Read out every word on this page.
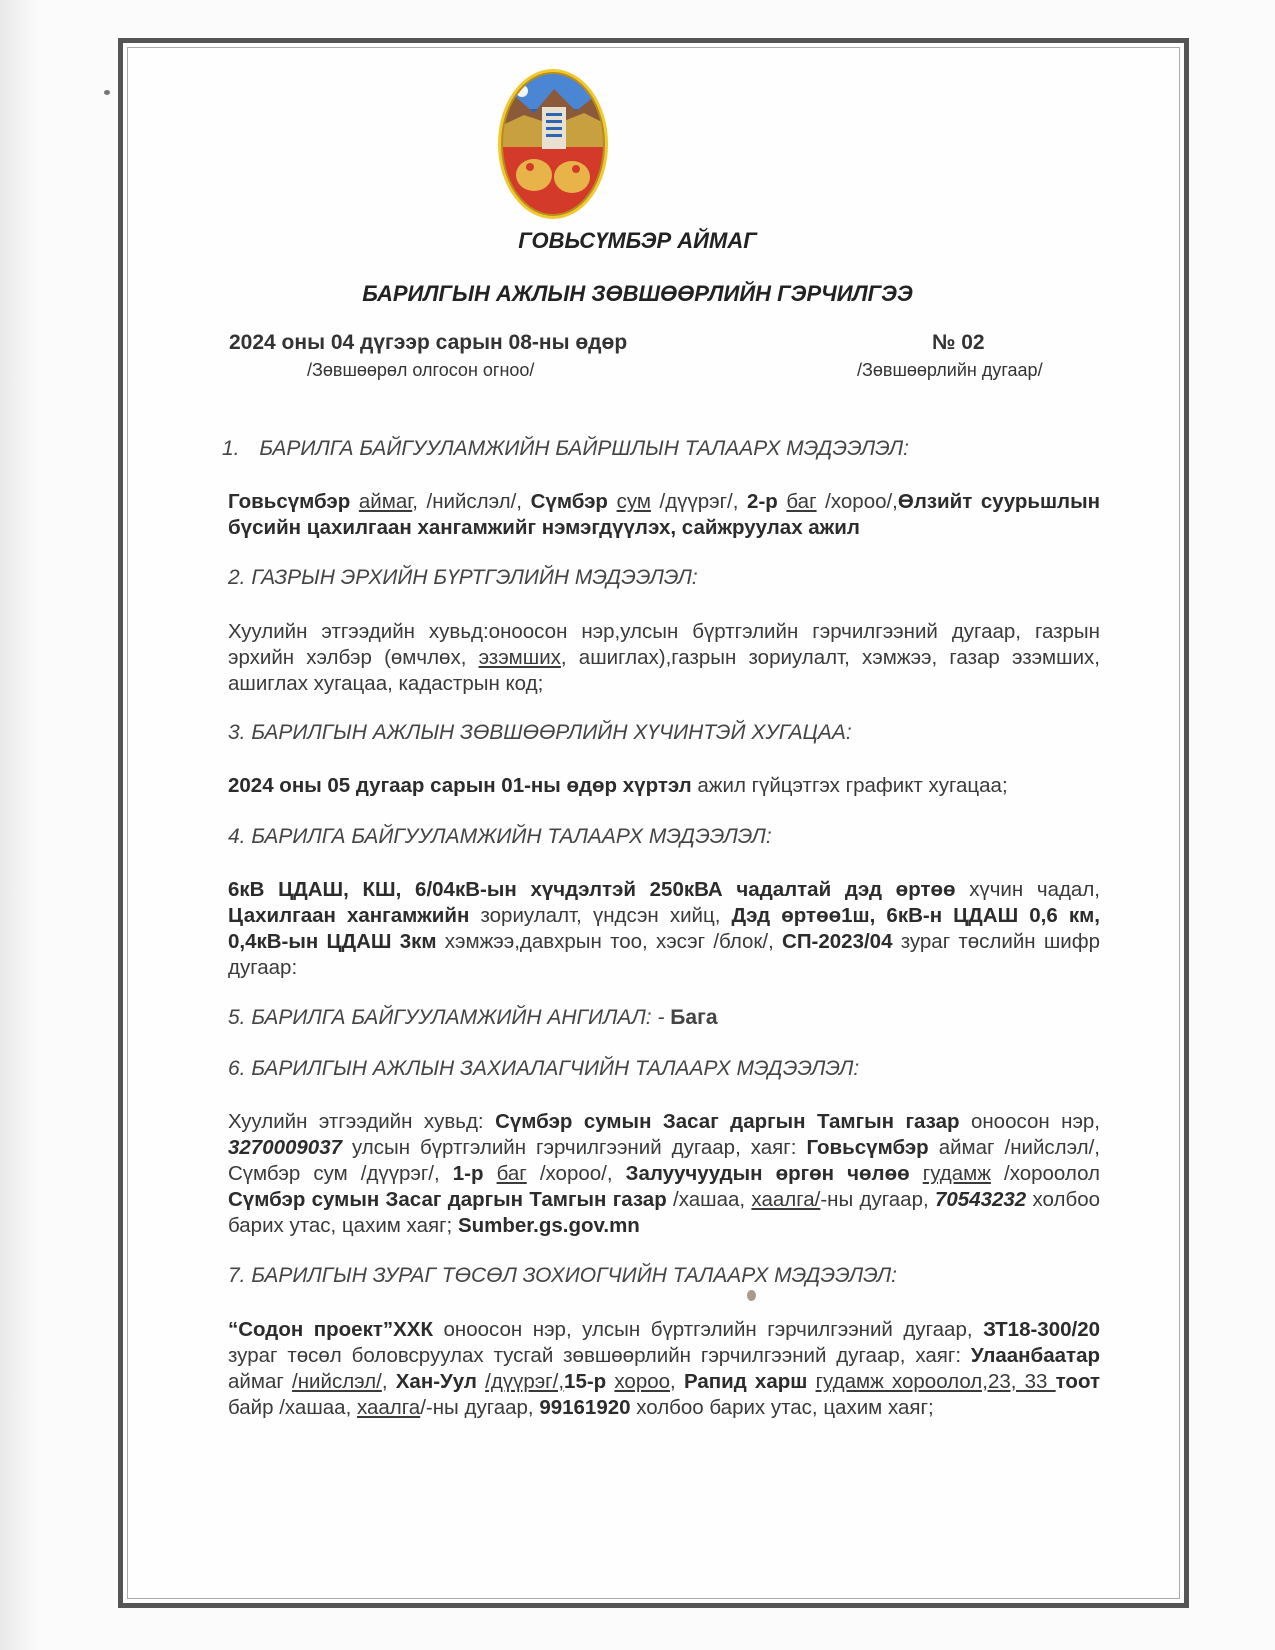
ГОВЬСҮМБЭР АЙМАГ
БАРИЛГЫН АЖЛЫН ЗӨВШӨӨРЛИЙН ГЭРЧИЛГЭЭ
2024 оны 04 дүгээр сарын 08-ны өдөр
/Зөвшөөрөл олгосон огноо/
№ 02
/Зөвшөөрлийн дугаар/
1. БАРИЛГА БАЙГУУЛАМЖИЙН БАЙРШЛЫН ТАЛААРХ МЭДЭЭЛЭЛ:
Говьсүмбэр аймаг, /нийслэл/, Сүмбэр сум /дүүрэг/, 2-р баг /хороо/,Өлзийт суурьшлын бүсийн цахилгаан хангамжийг нэмэгдүүлэх, сайжруулах ажил
2. ГАЗРЫН ЭРХИЙН БҮРТГЭЛИЙН МЭДЭЭЛЭЛ:
Хуулийн этгээдийн хувьд:оноосон нэр,улсын бүртгэлийн гэрчилгээний дугаар, газрын эрхийн хэлбэр (өмчлөх, эзэмших, ашиглах),газрын зориулалт, хэмжээ, газар эзэмших, ашиглах хугацаа, кадастрын код;
3. БАРИЛГЫН АЖЛЫН ЗӨВШӨӨРЛИЙН ХҮЧИНТЭЙ ХУГАЦАА:
2024 оны 05 дугаар сарын 01-ны өдөр хүртэл ажил гүйцэтгэх графикт хугацаа;
4. БАРИЛГА БАЙГУУЛАМЖИЙН ТАЛААРХ МЭДЭЭЛЭЛ:
6кВ ЦДАШ, КШ, 6/04кВ-ын хүчдэлтэй 250кВА чадалтай дэд өртөө хүчин чадал, Цахилгаан хангамжийн зориулалт, үндсэн хийц, Дэд өртөө1ш, 6кВ-н ЦДАШ 0,6 км, 0,4кВ-ын ЦДАШ 3км хэмжээ,давхрын тоо, хэсэг /блок/, СП-2023/04 зураг төслийн шифр дугаар:
5. БАРИЛГА БАЙГУУЛАМЖИЙН АНГИЛАЛ: - Бага
6. БАРИЛГЫН АЖЛЫН ЗАХИАЛАГЧИЙН ТАЛААРХ МЭДЭЭЛЭЛ:
Хуулийн этгээдийн хувьд: Сүмбэр сумын Засаг даргын Тамгын газар оноосон нэр, 3270009037 улсын бүртгэлийн гэрчилгээний дугаар, хаяг: Говьсүмбэр аймаг /нийслэл/, Сүмбэр сум /дүүрэг/, 1-р баг /хороо/, Залуучуудын өргөн чөлөө гудамж /хороолол Сүмбэр сумын Засаг даргын Тамгын газар /хашаа, хаалга/-ны дугаар, 70543232 холбоо барих утас, цахим хаяг; Sumber.gs.gov.mn
7. БАРИЛГЫН ЗУРАГ ТӨСӨЛ ЗОХИОГЧИЙН ТАЛААРХ МЭДЭЭЛЭЛ:
“Содон проект”ХХК оноосон нэр, улсын бүртгэлийн гэрчилгээний дугаар, ЗТ18-300/20 зураг төсөл боловсруулах тусгай зөвшөөрлийн гэрчилгээний дугаар, хаяг: Улаанбаатар аймаг /нийслэл/, Хан-Уул /дүүрэг/,15-р хороо, Рапид харш гудамж хороолол,23, 33 тоот байр /хашаа, хаалга/-ны дугаар, 99161920 холбоо барих утас, цахим хаяг;
